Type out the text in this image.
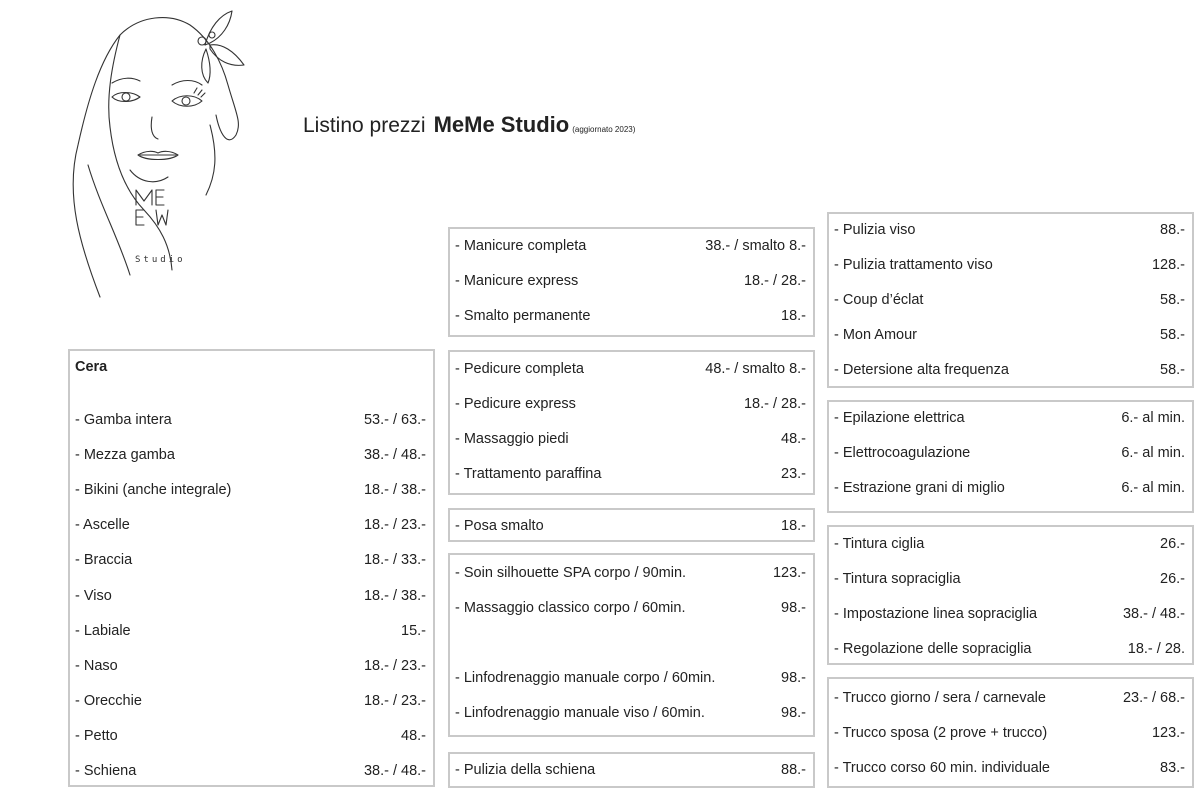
Studio
Listino prezzi MeMe Studio (aggiornato 2023)
Cera
- Gamba intera	53.- / 63.-
- Mezza gamba	38.- / 48.-
- Bikini (anche integrale)	18.- / 38.-
- Ascelle	18.- / 23.-
- Braccia	18.- / 33.-
- Viso	18.- / 38.-
- Labiale	15.-
- Naso	18.- / 23.-
- Orecchie	18.- / 23.-
- Petto	48.-
- Schiena	38.- / 48.-
- Manicure completa	38.- / smalto 8.-
- Manicure express	18.- / 28.-
- Smalto permanente	18.-
- Pedicure completa	48.- / smalto 8.-
- Pedicure express	18.- / 28.-
- Massaggio piedi	48.-
- Trattamento paraffina	23.-
- Posa smalto	18.-
- Soin silhouette SPA corpo / 90min.	123.-
- Massaggio classico corpo / 60min.	98.-
- Linfodrenaggio manuale corpo / 60min.	98.-
- Linfodrenaggio manuale viso / 60min.	98.-
- Pulizia della schiena	88.-
- Pulizia viso	88.-
- Pulizia trattamento viso	128.-
- Coup d’éclat	58.-
- Mon Amour	58.-
- Detersione alta frequenza	58.-
- Epilazione elettrica	6.- al min.
- Elettrocoagulazione	6.- al min.
- Estrazione grani di miglio	6.- al min.
- Tintura ciglia	26.-
- Tintura sopraciglia	26.-
- Impostazione linea sopraciglia	38.- / 48.-
- Regolazione delle sopraciglia	18.- / 28.
- Trucco giorno / sera / carnevale	23.- / 68.-
- Trucco sposa (2 prove + trucco)	123.-
- Trucco corso 60 min. individuale	83.-
